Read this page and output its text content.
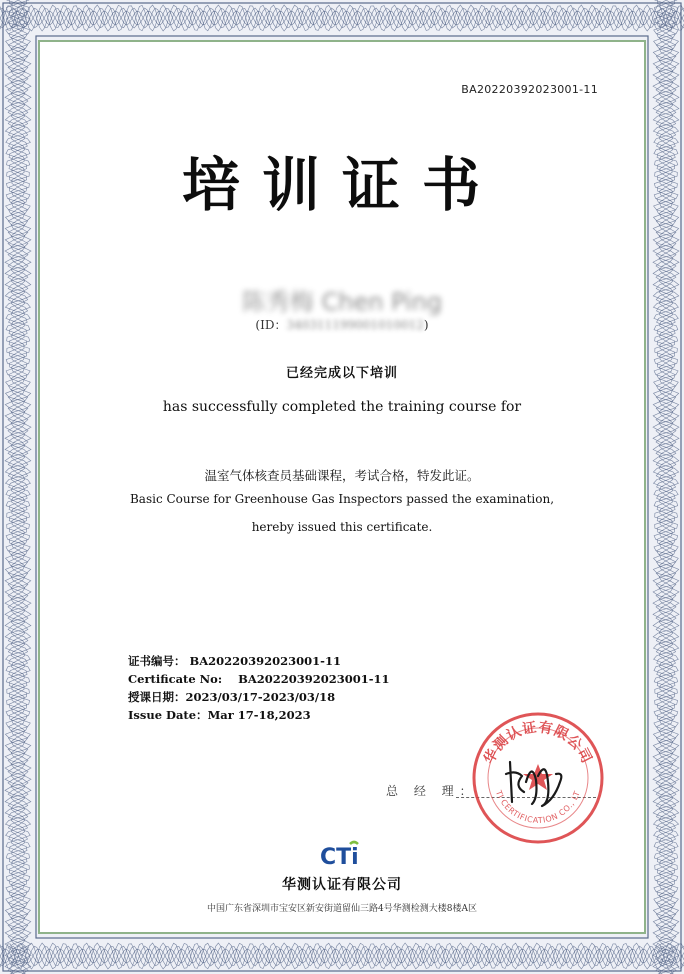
BA20220392023001-11
培训证书
陈秀梅 Chen Ping
(ID：340311199001010012)
已经完成以下培训
has successfully completed the training course for
温室气体核查员基础课程，考试合格，特发此证。
Basic Course for Greenhouse Gas Inspectors passed the examination,
hereby issued this certificate.
证书编号： BA20220392023001-11
Certificate No: BA20220392023001-11
授课日期：2023/03/17-2023/03/18
Issue Date：Mar 17-18,2023
总 经 理：
华测认证有限公司
TI CERTIFICATION CO., LT
CTi
华测认证有限公司
中国广东省深圳市宝安区新安街道留仙三路4号华测检测大楼8楼A区
